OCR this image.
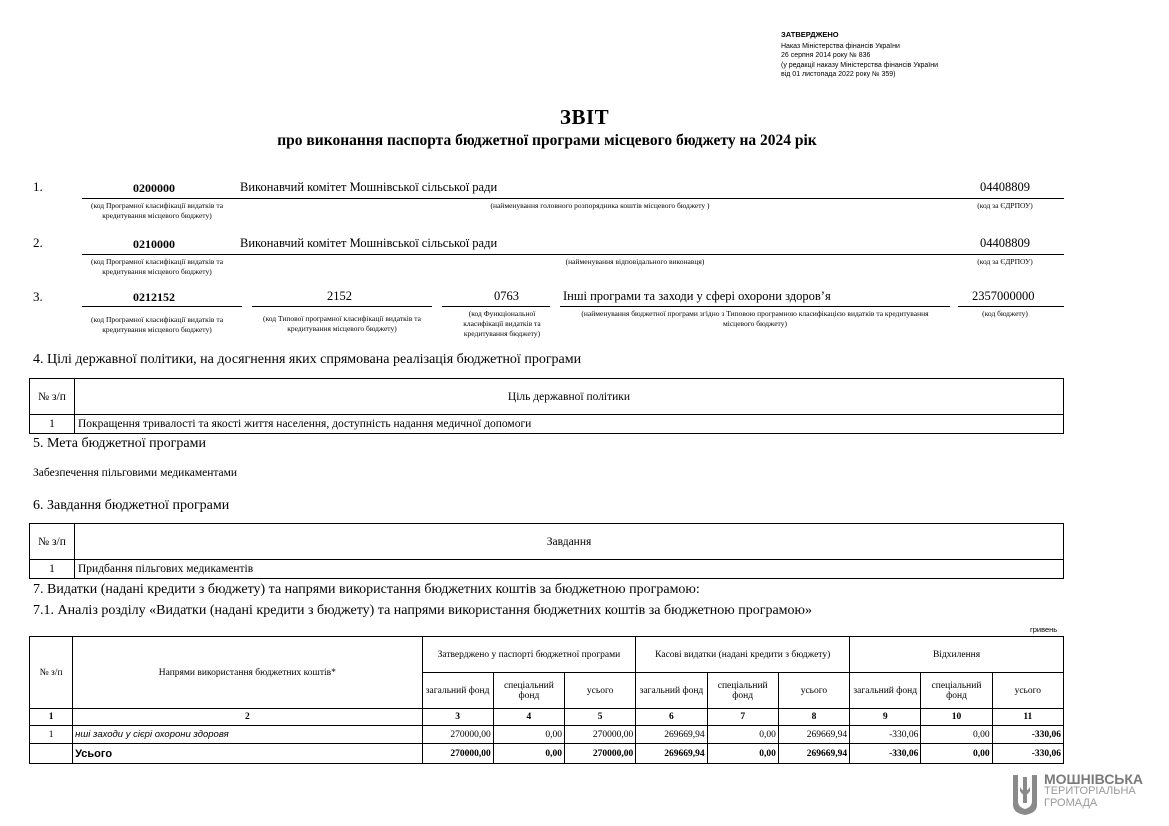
ЗАТВЕРДЖЕНО
Наказ Міністерства фінансів України
26 серпня 2014 року № 836
(у редакції наказу Міністерства фінансів України
від 01 листопада 2022 року № 359)
ЗВІТ
про виконання паспорта бюджетної програми місцевого бюджету на 2024 рік
1.	0200000	Виконавчий комітет Мошнівської сільської ради	04408809
(код Програмної класифікації видатків та кредитування місцевого бюджету)
(найменування головного розпорядника коштів місцевого бюджету )	(код за ЄДРПОУ)
2.	0210000	Виконавчий комітет Мошнівської сільської ради	04408809
(код Програмної класифікації видатків та кредитування місцевого бюджету)
(найменування відповідального виконавця)	(код за ЄДРПОУ)
3.	0212152	2152	0763	Інші програми та заходи у сфері охорони здоров’я	2357000000
(код Програмної класифікації видатків та кредитування місцевого бюджету)
(код Типової програмної класифікації видатків та кредитування місцевого бюджету)
(код Функціональної класифікації видатків та кредитування бюджету)
(найменування бюджетної програми згідно з Типовою програмною класифікацією видатків та кредитування місцевого бюджету)
(код бюджету)
4. Цілі державної політики, на досягнення яких спрямована реалізація бюджетної програми
№ з/п	Ціль державної політики
1	Покращення тривалості та якості життя населення, доступність надання медичної допомоги
5. Мета бюджетної програми
Забезпечення пільговими медикаментами
6. Завдання бюджетної програми
№ з/п	Завдання
1	Придбання пільгових медикаментів
7. Видатки (надані кредити з бюджету) та напрями використання бюджетних коштів за бюджетною програмою:
7.1. Аналіз розділу «Видатки (надані кредити з бюджету) та напрями використання бюджетних коштів за бюджетною програмою»
гривень
№ з/п	Напрями використання бюджетних коштів*	Затверджено у паспорті бюджетної програми			Касові видатки (надані кредити з бюджету)			Відхилення		
		загальний фонд	спеціальний фонд	усього	загальний фонд	спеціальний фонд	усього	загальний фонд	спеціальний фонд	усього
1	2	3	4	5	6	7	8	9	10	11
1	нші заходи у сієрі охорони здоровя	270000,00	0,00	270000,00	269669,94	0,00	269669,94	-330,06	0,00	-330,06
	Усього	270000,00	0,00	270000,00	269669,94	0,00	269669,94	-330,06	0,00	-330,06
МОШНІВСЬКА
ТЕРИТОРІАЛЬНА
ГРОМАДА
